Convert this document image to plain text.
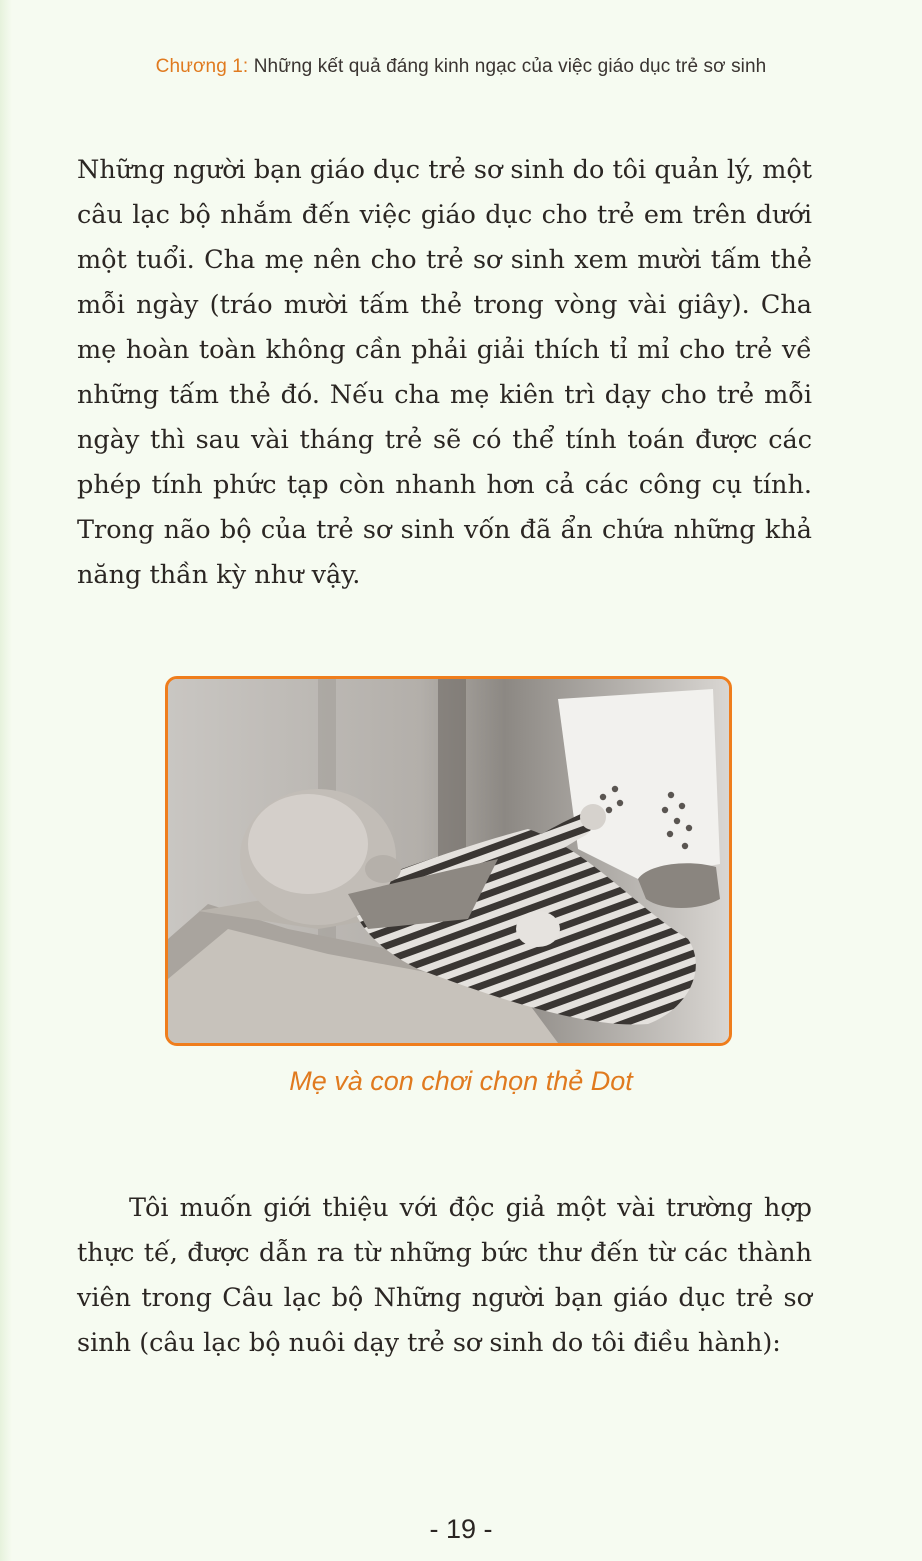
Chương 1: Những kết quả đáng kinh ngạc của việc giáo dục trẻ sơ sinh

Những người bạn giáo dục trẻ sơ sinh do tôi quản lý, một câu lạc bộ nhắm đến việc giáo dục cho trẻ em trên dưới một tuổi. Cha mẹ nên cho trẻ sơ sinh xem mười tấm thẻ mỗi ngày (tráo mười tấm thẻ trong vòng vài giây). Cha mẹ hoàn toàn không cần phải giải thích tỉ mỉ cho trẻ về những tấm thẻ đó. Nếu cha mẹ kiên trì dạy cho trẻ mỗi ngày thì sau vài tháng trẻ sẽ có thể tính toán được các phép tính phức tạp còn nhanh hơn cả các công cụ tính. Trong não bộ của trẻ sơ sinh vốn đã ẩn chứa những khả năng thần kỳ như vậy.

Mẹ và con chơi chọn thẻ Dot

Tôi muốn giới thiệu với độc giả một vài trường hợp thực tế, được dẫn ra từ những bức thư đến từ các thành viên trong Câu lạc bộ Những người bạn giáo dục trẻ sơ sinh (câu lạc bộ nuôi dạy trẻ sơ sinh do tôi điều hành):

- 19 -
